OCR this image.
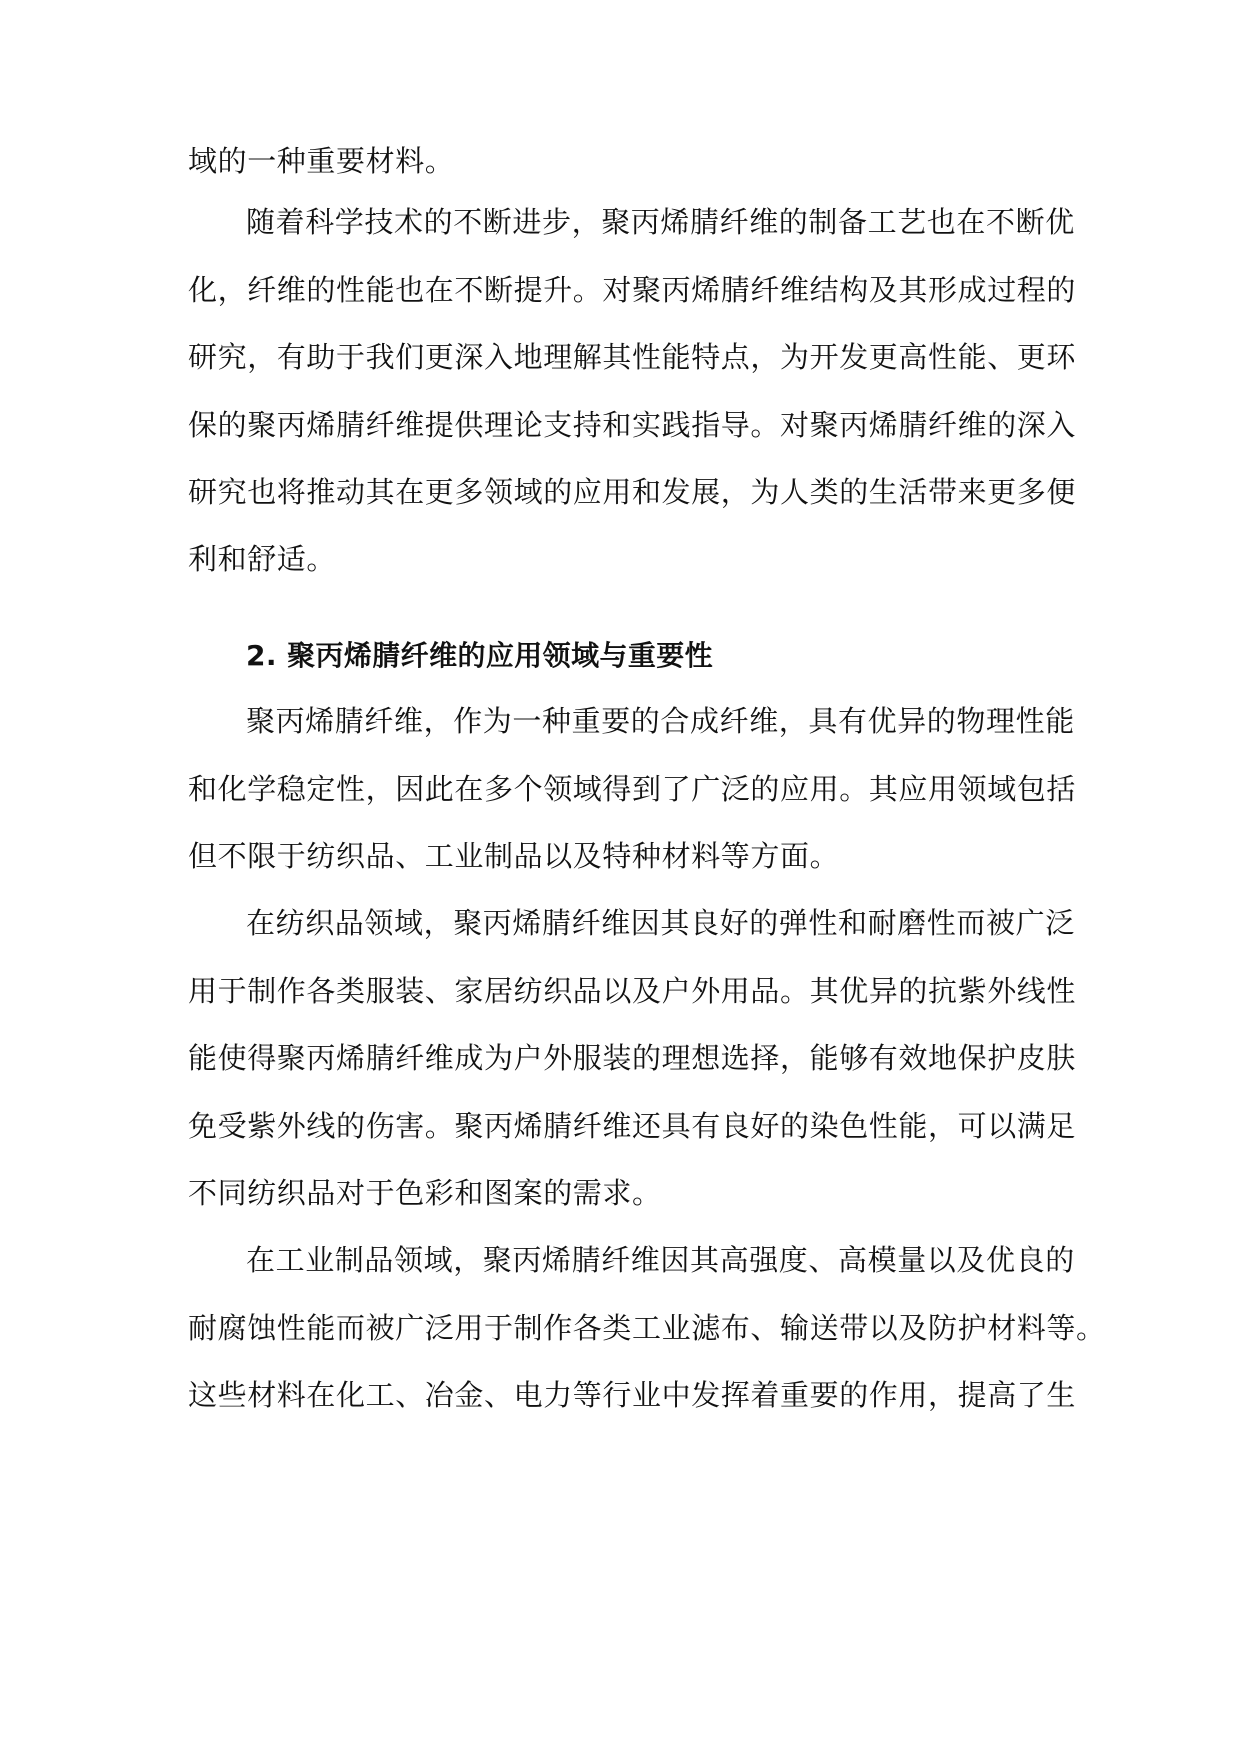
域的一种重要材料。
随着科学技术的不断进步，聚丙烯腈纤维的制备工艺也在不断优
化，纤维的性能也在不断提升。对聚丙烯腈纤维结构及其形成过程的
研究，有助于我们更深入地理解其性能特点，为开发更高性能、更环
保的聚丙烯腈纤维提供理论支持和实践指导。对聚丙烯腈纤维的深入
研究也将推动其在更多领域的应用和发展，为人类的生活带来更多便
利和舒适。
2. 聚丙烯腈纤维的应用领域与重要性
聚丙烯腈纤维，作为一种重要的合成纤维，具有优异的物理性能
和化学稳定性，因此在多个领域得到了广泛的应用。其应用领域包括
但不限于纺织品、工业制品以及特种材料等方面。
在纺织品领域，聚丙烯腈纤维因其良好的弹性和耐磨性而被广泛
用于制作各类服装、家居纺织品以及户外用品。其优异的抗紫外线性
能使得聚丙烯腈纤维成为户外服装的理想选择，能够有效地保护皮肤
免受紫外线的伤害。聚丙烯腈纤维还具有良好的染色性能，可以满足
不同纺织品对于色彩和图案的需求。
在工业制品领域，聚丙烯腈纤维因其高强度、高模量以及优良的
耐腐蚀性能而被广泛用于制作各类工业滤布、输送带以及防护材料等。
这些材料在化工、冶金、电力等行业中发挥着重要的作用，提高了生
